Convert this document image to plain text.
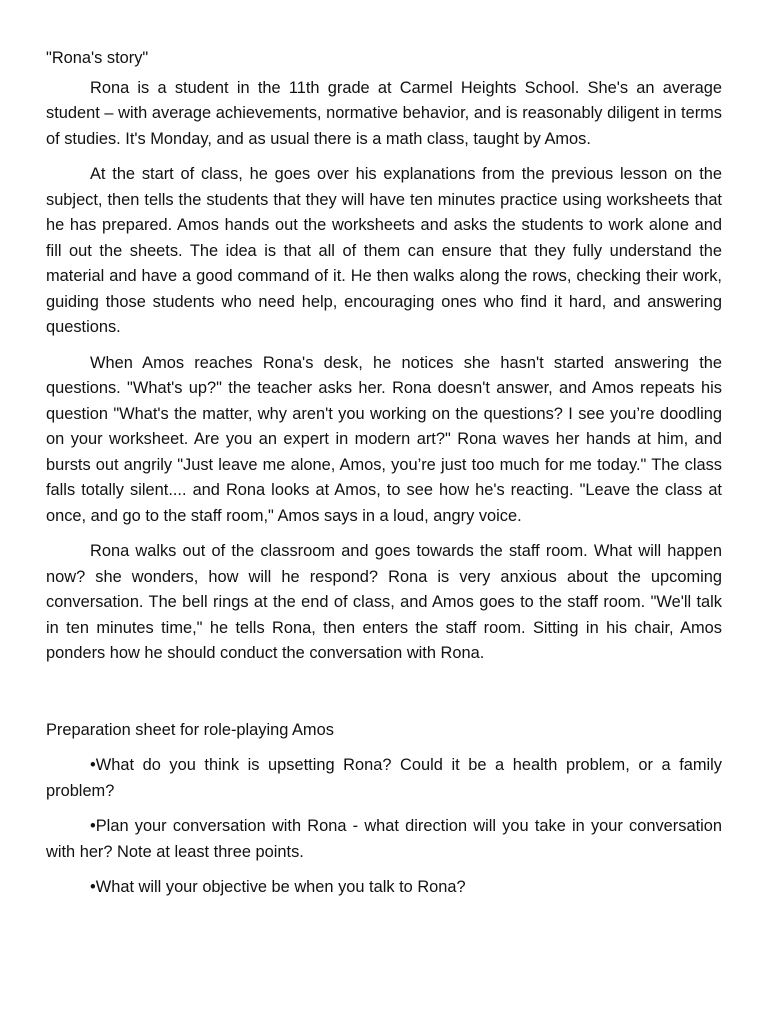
"Rona's story"

Rona is a student in the 11th grade at Carmel Heights School. She's an average student – with average achievements, normative behavior, and is reasonably diligent in terms of studies. It's Monday, and as usual there is a math class, taught by Amos.

At the start of class, he goes over his explanations from the previous lesson on the subject, then tells the students that they will have ten minutes practice using worksheets that he has prepared. Amos hands out the worksheets and asks the students to work alone and fill out the sheets. The idea is that all of them can ensure that they fully understand the material and have a good command of it. He then walks along the rows, checking their work, guiding those students who need help, encouraging ones who find it hard, and answering questions.

When Amos reaches Rona's desk, he notices she hasn't started answering the questions. "What's up?" the teacher asks her. Rona doesn't answer, and Amos repeats his question "What's the matter, why aren't you working on the questions? I see you’re doodling on your worksheet. Are you an expert in modern art?" Rona waves her hands at him, and bursts out angrily "Just leave me alone, Amos, you’re just too much for me today." The class falls totally silent.... and Rona looks at Amos, to see how he's reacting. "Leave the class at once, and go to the staff room," Amos says in a loud, angry voice.

Rona walks out of the classroom and goes towards the staff room. What will happen now? she wonders, how will he respond? Rona is very anxious about the upcoming conversation. The bell rings at the end of class, and Amos goes to the staff room. "We'll talk in ten minutes time," he tells Rona, then enters the staff room. Sitting in his chair, Amos ponders how he should conduct the conversation with Rona.

Preparation sheet for role-playing Amos

•What do you think is upsetting Rona? Could it be a health problem, or a family problem?

•Plan your conversation with Rona - what direction will you take in your conversation with her? Note at least three points.

•What will your objective be when you talk to Rona?
